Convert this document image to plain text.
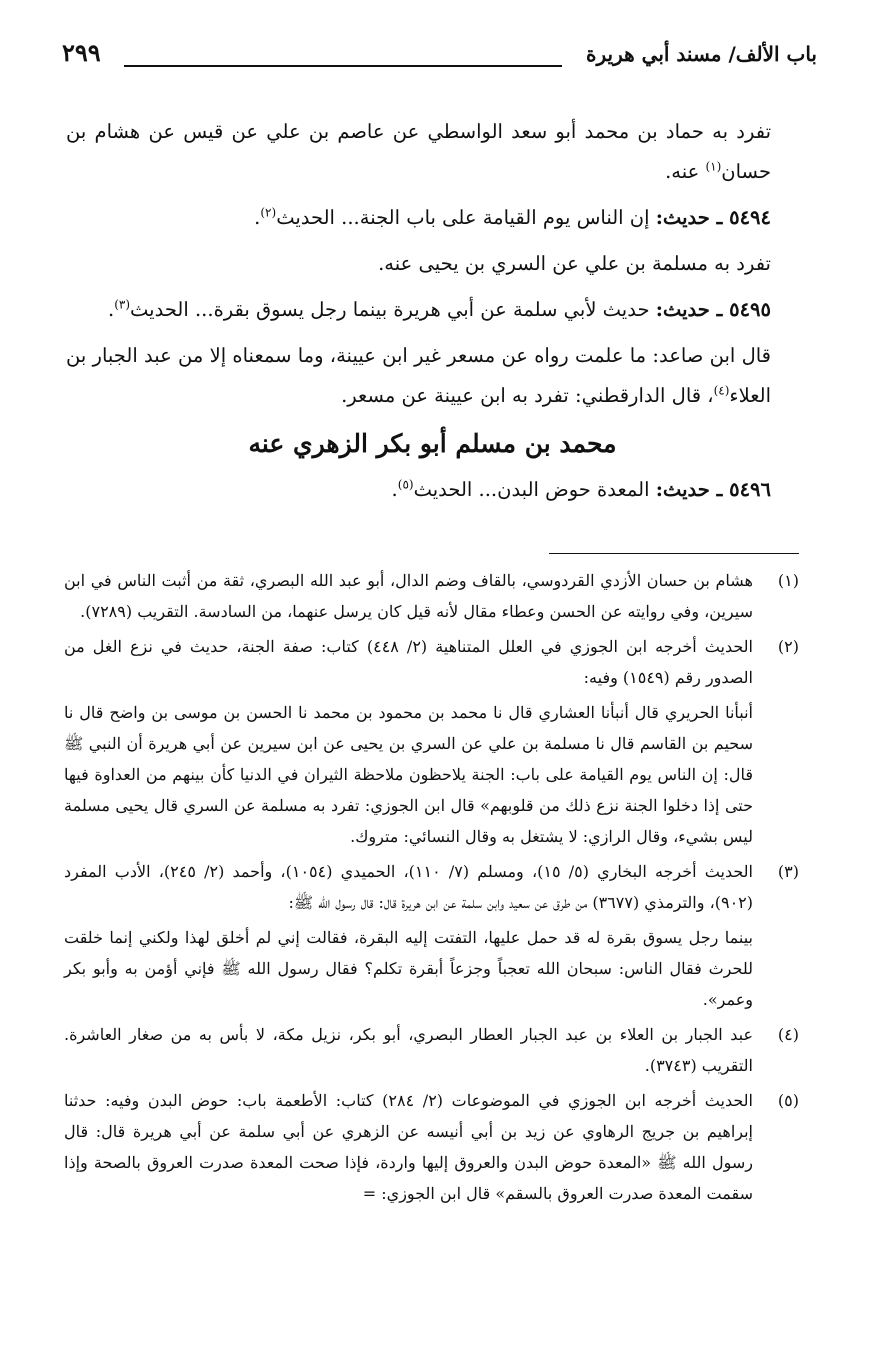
باب الألف/ مسند أبي هريرة
٢٩٩

تفرد به حماد بن محمد أبو سعد الواسطي عن عاصم بن علي عن قيس عن هشام بن حسان$^{(١)}$ عنه.

٥٤٩٤ ـ حديث: إن الناس يوم القيامة على باب الجنة... الحديث$^{(٢)}$.

تفرد به مسلمة بن علي عن السري بن يحيى عنه.

٥٤٩٥ ـ حديث: حديث لأبي سلمة عن أبي هريرة بينما رجل يسوق بقرة... الحديث$^{(٣)}$.

قال ابن صاعد: ما علمت رواه عن مسعر غير ابن عيينة، وما سمعناه إلا من عبد الجبار بن العلاء$^{(٤)}$، قال الدارقطني: تفرد به ابن عيينة عن مسعر.

محمد بن مسلم أبو بكر الزهري عنه

٥٤٩٦ ـ حديث: المعدة حوض البدن... الحديث$^{(٥)}$.

(١)

هشام بن حسان الأزدي القردوسي، بالقاف وضم الدال، أبو عبد الله البصري، ثقة من أثبت الناس في ابن سيرين، وفي روايته عن الحسن وعطاء مقال لأنه قيل كان يرسل عنهما، من السادسة. التقريب (٧٢٨٩).

(٢)

الحديث أخرجه ابن الجوزي في العلل المتناهية (٢/ ٤٤٨) كتاب: صفة الجنة، حديث في نزع الغل من الصدور رقم (١٥٤٩) وفيه:

أنبأنا الحريري قال أنبأنا العشاري قال نا محمد بن محمود بن محمد نا الحسن بن موسى بن واضح قال نا سحيم بن القاسم قال نا مسلمة بن علي عن السري بن يحيى عن ابن سيرين عن أبي هريرة أن النبي ﷺ قال: إن الناس يوم القيامة على باب: الجنة يلاحظون ملاحظة الثيران في الدنيا كأن بينهم من العداوة فيها حتى إذا دخلوا الجنة نزع ذلك من قلوبهم» قال ابن الجوزي: تفرد به مسلمة عن السري قال يحيى مسلمة ليس بشيء، وقال الرازي: لا يشتغل به وقال النسائي: متروك.

(٣)

الحديث أخرجه البخاري (٥/ ١٥)، ومسلم (٧/ ١١٠)، الحميدي (١٠٥٤)، وأحمد (٢/ ٢٤٥)، الأدب المفرد (٩٠٢)، والترمذي (٣٦٧٧) من طرق عن سعيد وابن سلمة عن ابن هريرة قال: قال رسول الله ﷺ:

بينما رجل يسوق بقرة له قد حمل عليها، التفتت إليه البقرة، فقالت إني لم أخلق لهذا ولكني إنما خلقت للحرث فقال الناس: سبحان الله تعجباً وجزعاً أبقرة تكلم؟ فقال رسول الله ﷺ فإني أؤمن به وأبو بكر وعمر».

(٤)

عبد الجبار بن العلاء بن عبد الجبار العطار البصري، أبو بكر، نزيل مكة، لا بأس به من صغار العاشرة. التقريب (٣٧٤٣).

(٥)

الحديث أخرجه ابن الجوزي في الموضوعات (٢/ ٢٨٤) كتاب: الأطعمة باب: حوض البدن وفيه: حدثنا إبراهيم بن جريج الرهاوي عن زيد بن أبي أنيسه عن الزهري عن أبي سلمة عن أبي هريرة قال: قال رسول الله ﷺ «المعدة حوض البدن والعروق إليها واردة، فإذا صحت المعدة صدرت العروق بالصحة وإذا سقمت المعدة صدرت العروق بالسقم» قال ابن الجوزي: =
